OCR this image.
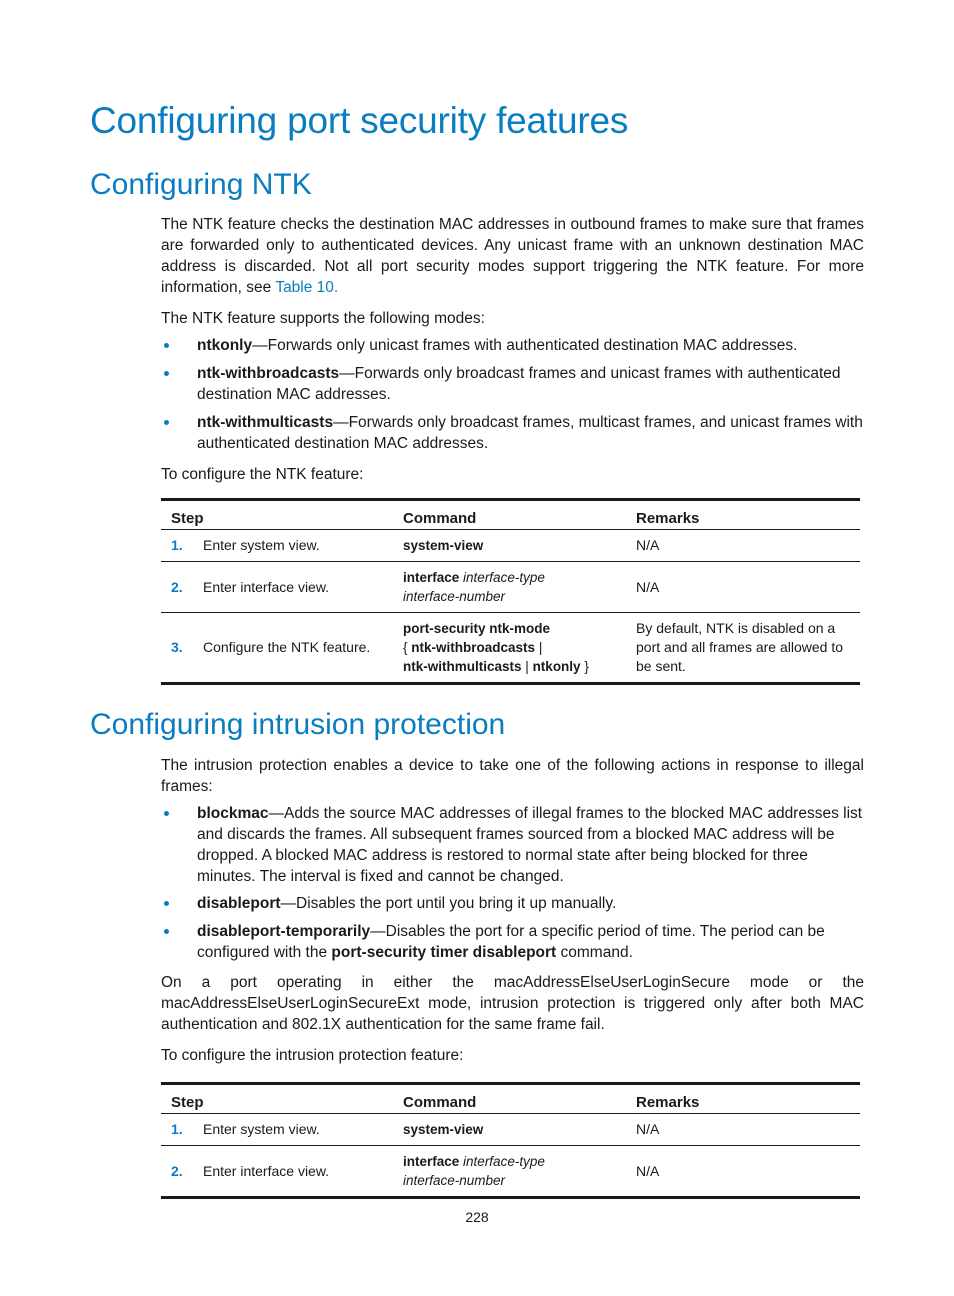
Configuring port security features
Configuring NTK

The NTK feature checks the destination MAC addresses in outbound frames to make sure that frames are forwarded only to authenticated devices. Any unicast frame with an unknown destination MAC address is discarded. Not all port security modes support triggering the NTK feature. For more information, see Table 10.

The NTK feature supports the following modes:

ntkonly—Forwards only unicast frames with authenticated destination MAC addresses.
ntk-withbroadcasts—Forwards only broadcast frames and unicast frames with authenticated destination MAC addresses.
ntk-withmulticasts—Forwards only broadcast frames, multicast frames, and unicast frames with authenticated destination MAC addresses.

To configure the NTK feature:

Step	Command	Remarks
1. Enter system view.	system-view	N/A
2. Enter interface view.	interface interface-type
interface-number	N/A
3. Configure the NTK feature.	port-security ntk-mode
{ ntk-withbroadcasts |
ntk-withmulticasts | ntkonly }	By default, NTK is disabled on a port and all frames are allowed to be sent.
Configuring intrusion protection

The intrusion protection enables a device to take one of the following actions in response to illegal frames:

blockmac—Adds the source MAC addresses of illegal frames to the blocked MAC addresses list and discards the frames. All subsequent frames sourced from a blocked MAC address will be dropped. A blocked MAC address is restored to normal state after being blocked for three minutes. The interval is fixed and cannot be changed.
disableport—Disables the port until you bring it up manually.
disableport-temporarily—Disables the port for a specific period of time. The period can be configured with the port-security timer disableport command.

On a port operating in either the macAddressElseUserLoginSecure mode or the macAddressElseUserLoginSecureExt mode, intrusion protection is triggered only after both MAC authentication and 802.1X authentication for the same frame fail.

To configure the intrusion protection feature:

Step	Command	Remarks
1. Enter system view.	system-view	N/A
2. Enter interface view.	interface interface-type
interface-number	N/A
228
